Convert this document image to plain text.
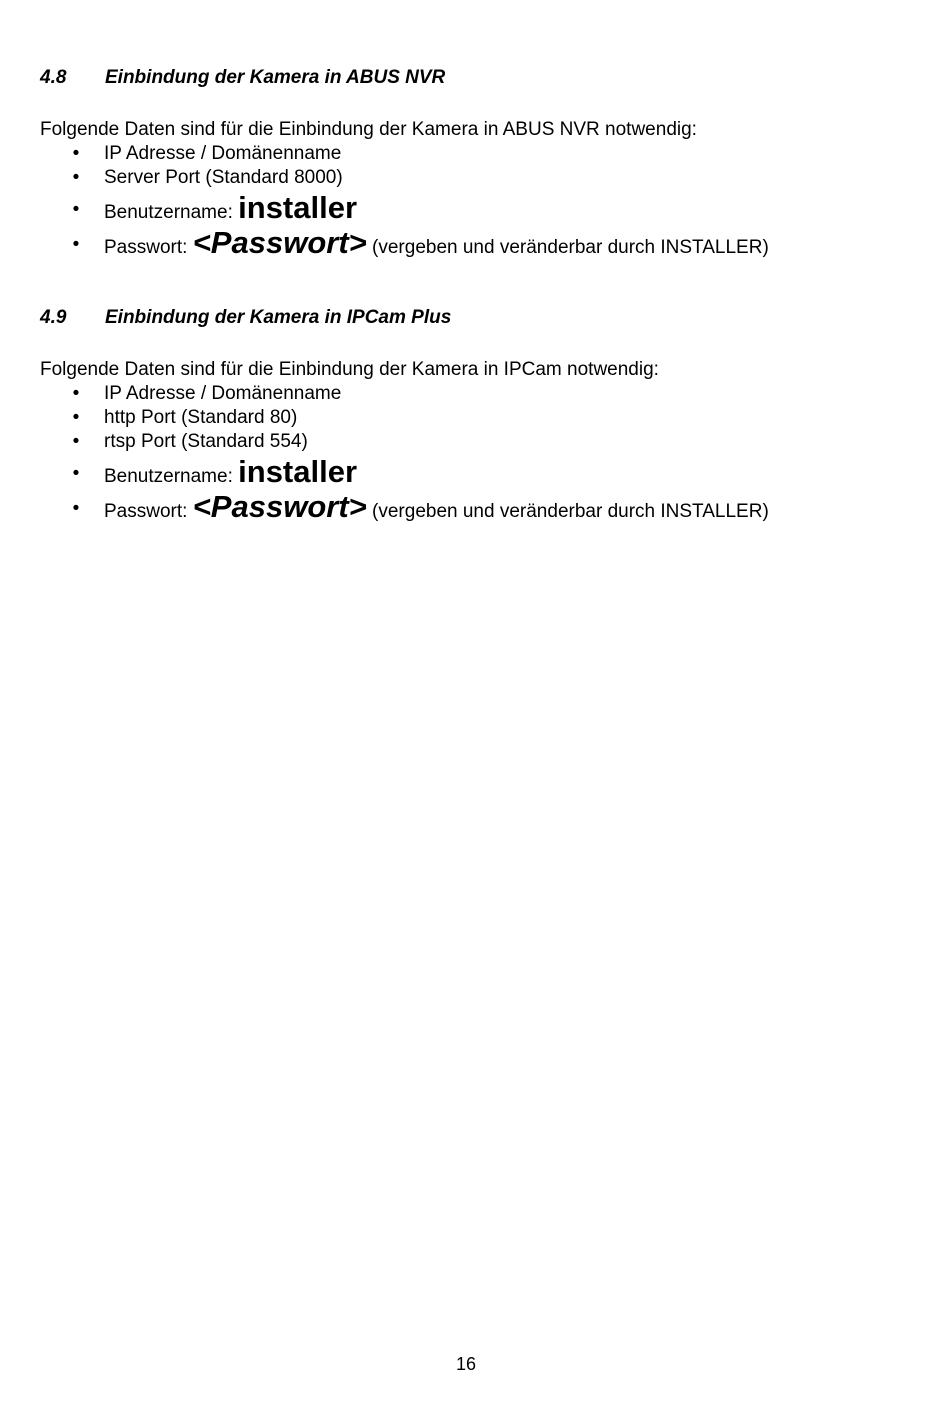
4.8 Einbindung der Kamera in ABUS NVR
Folgende Daten sind für die Einbindung der Kamera in ABUS NVR notwendig:
• IP Adresse / Domänenname
• Server Port (Standard 8000)
• Benutzername: installer
• Passwort: <Passwort> (vergeben und veränderbar durch INSTALLER)
4.9 Einbindung der Kamera in IPCam Plus
Folgende Daten sind für die Einbindung der Kamera in IPCam notwendig:
• IP Adresse / Domänenname
• http Port (Standard 80)
• rtsp Port (Standard 554)
• Benutzername: installer
• Passwort: <Passwort> (vergeben und veränderbar durch INSTALLER)
16
